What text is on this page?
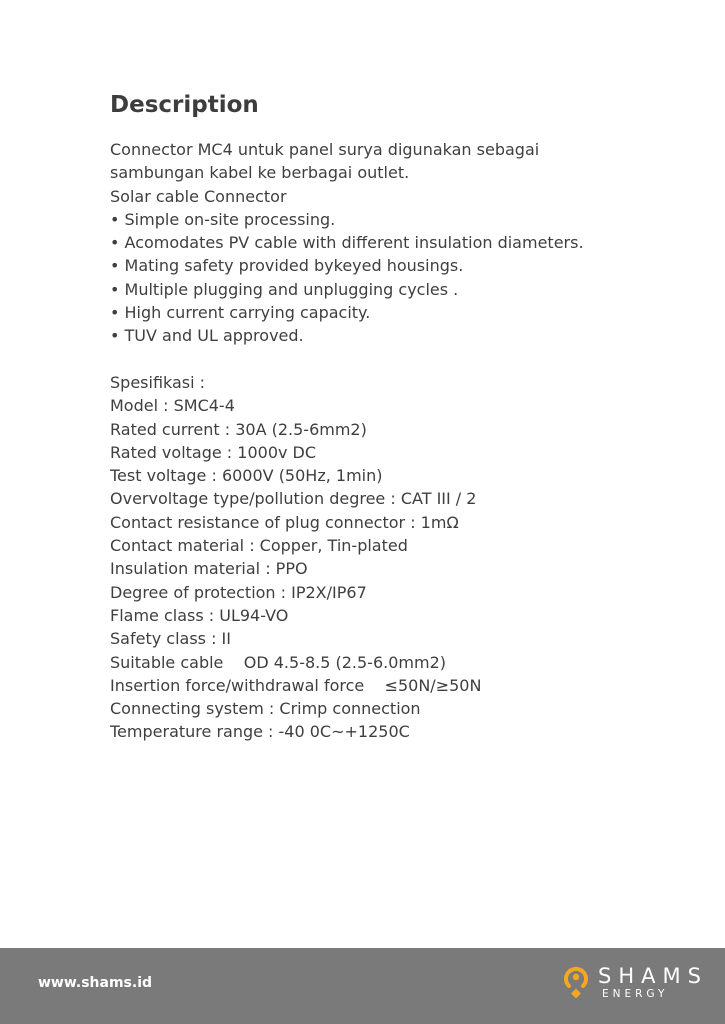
Description
Connector MC4 untuk panel surya digunakan sebagai
sambungan kabel ke berbagai outlet.
Solar cable Connector
• Simple on-site processing.
• Acomodates PV cable with different insulation diameters.
• Mating safety provided bykeyed housings.
• Multiple plugging and unplugging cycles .
• High current carrying capacity.
• TUV and UL approved.
Spesifikasi :
Model : SMC4-4
Rated current : 30A (2.5-6mm2)
Rated voltage : 1000v DC
Test voltage : 6000V (50Hz, 1min)
Overvoltage type/pollution degree : CAT III / 2
Contact resistance of plug connector : 1mΩ
Contact material : Copper, Tin-plated
Insulation material : PPO
Degree of protection : IP2X/IP67
Flame class : UL94-VO
Safety class : II
Suitable cable    OD 4.5-8.5 (2.5-6.0mm2)
Insertion force/withdrawal force    ≤50N/≥50N
Connecting system : Crimp connection
Temperature range : -40 0C~+1250C
www.shams.id	SHAMS
ENERGY
